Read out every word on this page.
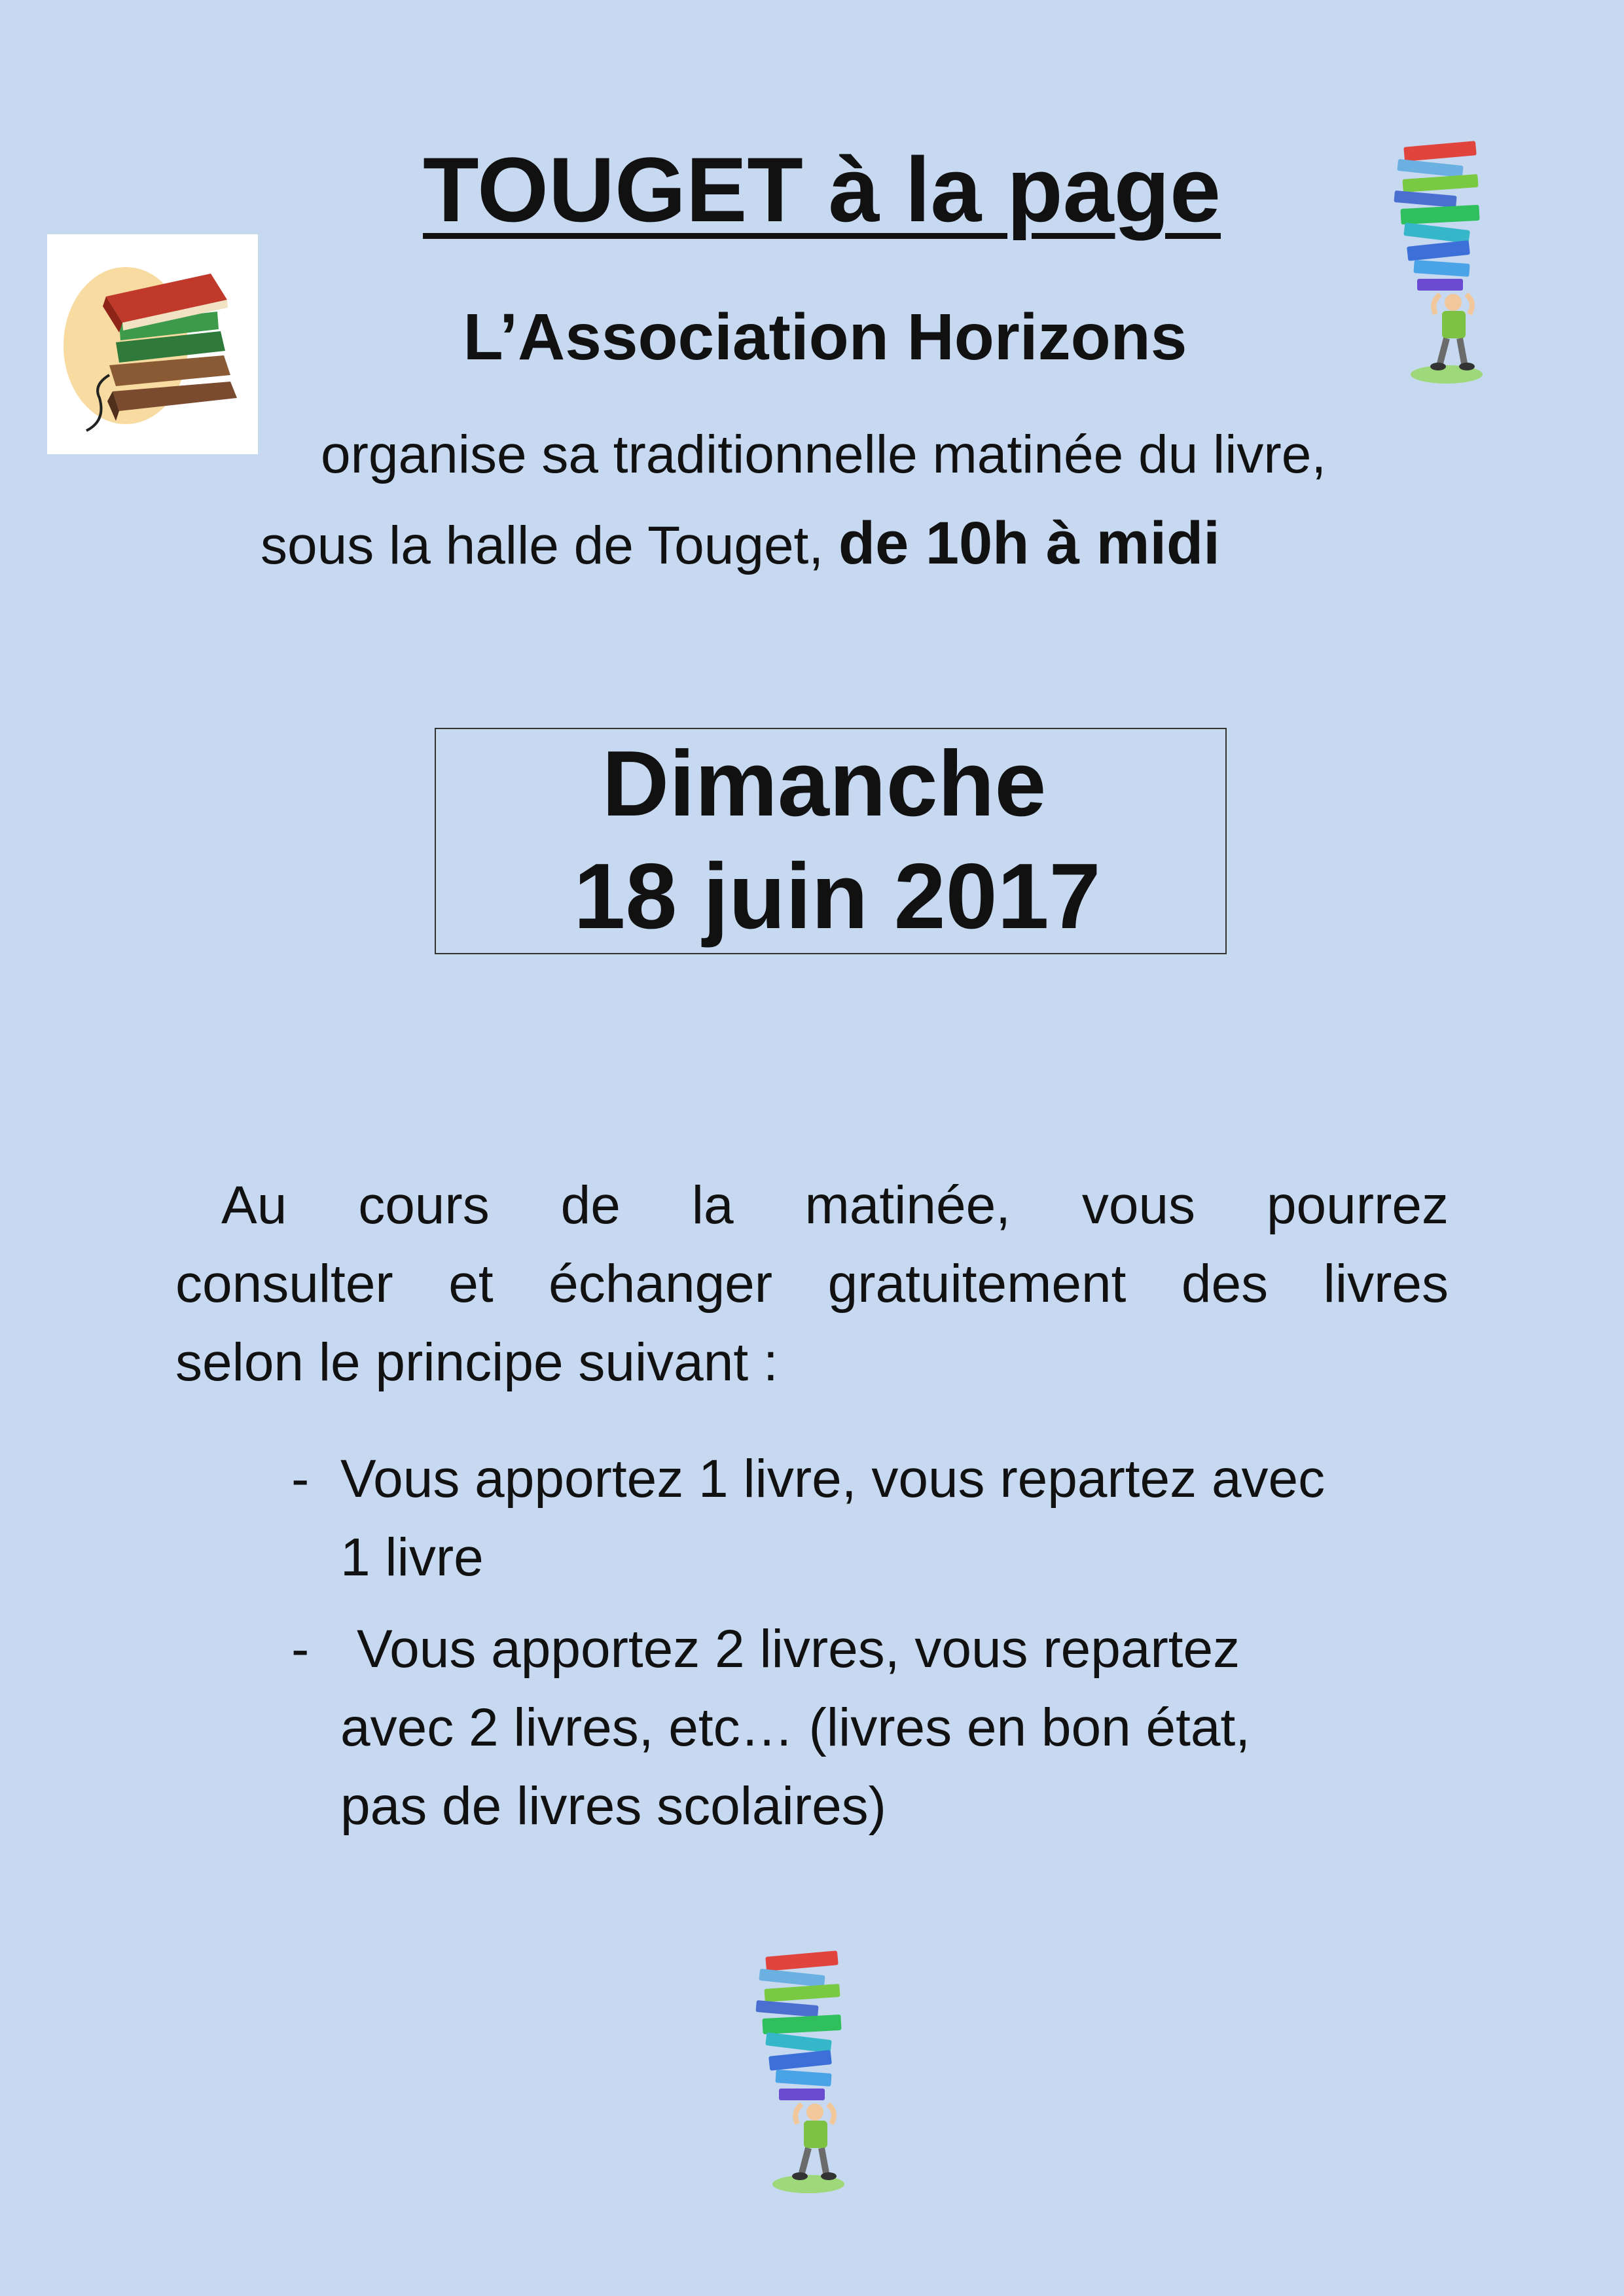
TOUGET à la page
L’Association Horizons
organise sa traditionnelle matinée du livre,
sous la halle de Touget, de 10h à midi
Dimanche
18 juin 2017
Au cours de la matinée, vous pourrez
consulter et échanger gratuitement des livres
selon le principe suivant :
- Vous apportez 1 livre, vous repartez avec
1 livre
- Vous apportez 2 livres, vous repartez
avec 2 livres, etc… (livres en bon état,
pas de livres scolaires)
